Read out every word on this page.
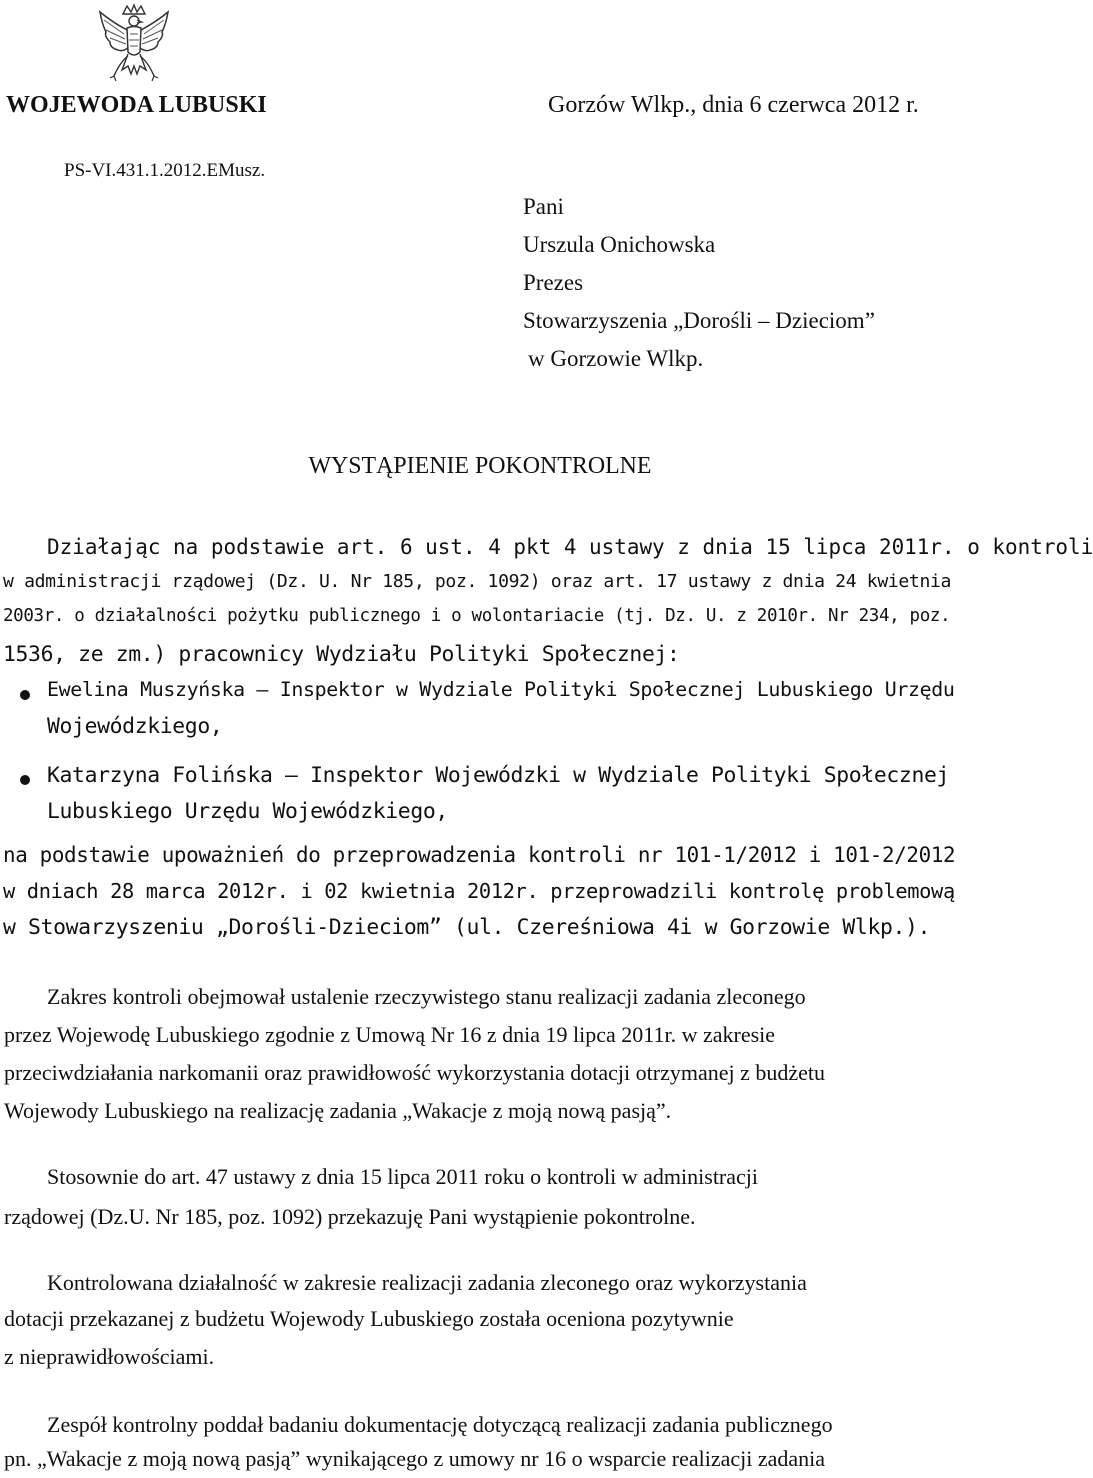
WOJEWODA LUBUSKI	Gorzów Wlkp., dnia 6 czerwca 2012 r.
PS-VI.431.1.2012.EMusz.
Pani
Urszula Onichowska
Prezes
Stowarzyszenia „Dorośli – Dzieciom”
w Gorzowie Wlkp.
WYSTĄPIENIE POKONTROLNE
Działając na podstawie art. 6 ust. 4 pkt 4 ustawy z dnia 15 lipca 2011r. o kontroli
w administracji rządowej (Dz. U. Nr 185, poz. 1092) oraz art. 17 ustawy z dnia 24 kwietnia
2003r. o działalności pożytku publicznego i o wolontariacie (tj. Dz. U. z 2010r. Nr 234, poz.
1536, ze zm.) pracownicy Wydziału Polityki Społecznej:
Ewelina Muszyńska – Inspektor w Wydziale Polityki Społecznej Lubuskiego Urzędu
Wojewódzkiego,
Katarzyna Folińska – Inspektor Wojewódzki w Wydziale Polityki Społecznej
Lubuskiego Urzędu Wojewódzkiego,
na podstawie upoważnień do przeprowadzenia kontroli nr 101-1/2012 i 101-2/2012
w dniach 28 marca 2012r. i 02 kwietnia 2012r. przeprowadzili kontrolę problemową
w Stowarzyszeniu „Dorośli-Dzieciom” (ul. Czereśniowa 4i w Gorzowie Wlkp.).
Zakres kontroli obejmował ustalenie rzeczywistego stanu realizacji zadania zleconego
przez Wojewodę Lubuskiego zgodnie z Umową Nr 16 z dnia 19 lipca 2011r. w zakresie
przeciwdziałania narkomanii oraz prawidłowość wykorzystania dotacji otrzymanej z budżetu
Wojewody Lubuskiego na realizację zadania „Wakacje z moją nową pasją”.
Stosownie do art. 47 ustawy z dnia 15 lipca 2011 roku o kontroli w administracji
rządowej (Dz.U. Nr 185, poz. 1092) przekazuję Pani wystąpienie pokontrolne.
Kontrolowana działalność w zakresie realizacji zadania zleconego oraz wykorzystania
dotacji przekazanej z budżetu Wojewody Lubuskiego została oceniona pozytywnie
z nieprawidłowościami.
Zespół kontrolny poddał badaniu dokumentację dotyczącą realizacji zadania publicznego
pn. „Wakacje z moją nową pasją” wynikającego z umowy nr 16 o wsparcie realizacji zadania
